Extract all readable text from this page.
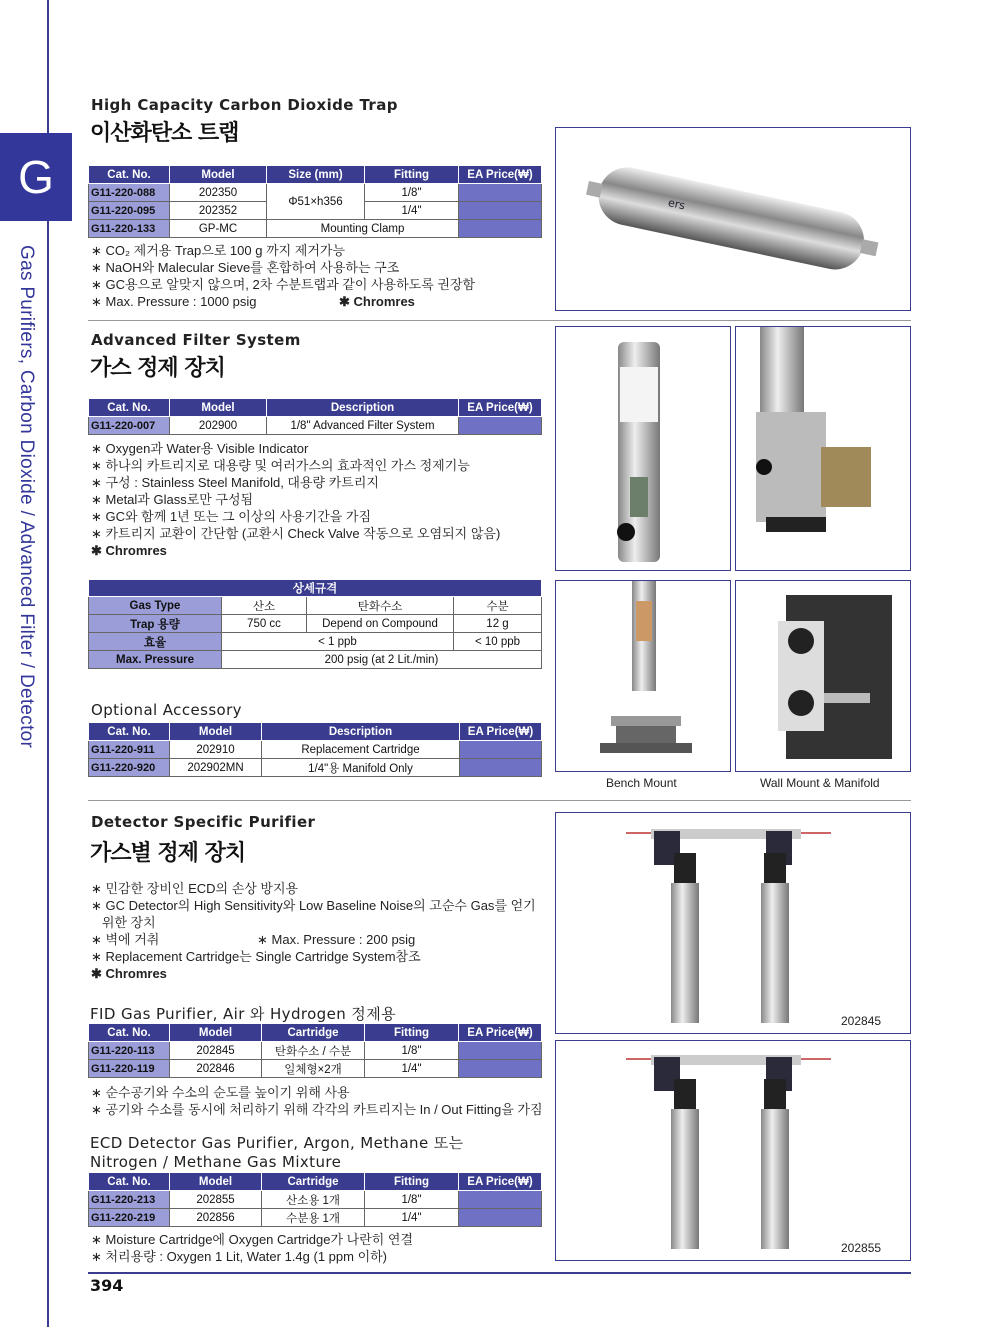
G
Gas Purifiers, Carbon Dioxide / Advanced Filter / Detector
High Capacity Carbon Dioxide Trap
이산화탄소 트랩
Cat. No.	Model	Size (mm)	Fitting	EA Price(₩)
G11-220-088	202350	Φ51×h356	1/8"	
G11-220-095	202352		1/4"	
G11-220-133	GP-MC	Mounting Clamp		
∗ CO₂ 제거용 Trap으로 100 g 까지 제거가능
∗ NaOH와 Malecular Sieve를 혼합하여 사용하는 구조
∗ GC용으로 알맞지 않으며, 2차 수분트랩과 같이 사용하도록 권장함
∗ Max. Pressure : 1000 psig	✱ Chromres
ers
Advanced Filter System
가스 정제 장치
Cat. No.	Model	Description	EA Price(₩)
G11-220-007	202900	1/8" Advanced Filter System	
∗ Oxygen과 Water용 Visible Indicator
∗ 하나의 카트리지로 대용량 및 여러가스의 효과적인 가스 정제기능
∗ 구성 : Stainless Steel Manifold, 대용량 카트리지
∗ Metal과 Glass로만 구성됨
∗ GC와 함께 1년 또는 그 이상의 사용기간을 가짐
∗ 카트리지 교환이 간단함 (교환시 Check Valve 작동으로 오염되지 않음)
✱ Chromres
상세규격			
Gas Type	산소	탄화수소	수분
Trap 용량	750 cc	Depend on Compound	12 g
효율	< 1 ppb		< 10 ppb
Max. Pressure	200 psig (at 2 Lit./min)		
Optional Accessory
Cat. No.	Model	Description	EA Price(₩)
G11-220-911	202910	Replacement Cartridge	
G11-220-920	202902MN	1/4"용 Manifold Only	
Bench Mount	Wall Mount & Manifold
Detector Specific Purifier
가스별 정제 장치
∗ 민감한 장비인 ECD의 손상 방지용
∗ GC Detector의 High Sensitivity와 Low Baseline Noise의 고순수 Gas를 얻기
위한 장치
∗ 벽에 거취
∗ Replacement Cartridge는 Single Cartridge System참조
✱ Chromres
∗ Max. Pressure : 200 psig
FID Gas Purifier, Air 와 Hydrogen 정제용
Cat. No.	Model	Cartridge	Fitting	EA Price(₩)
G11-220-113	202845	탄화수소 / 수분	1/8"	
G11-220-119	202846	일체형×2개	1/4"	
∗ 순수공기와 수소의 순도를 높이기 위해 사용
∗ 공기와 수소를 동시에 처리하기 위해 각각의 카트리지는 In / Out Fitting을 가짐
ECD Detector Gas Purifier, Argon, Methane 또는
Nitrogen / Methane Gas Mixture
Cat. No.	Model	Cartridge	Fitting	EA Price(₩)
G11-220-213	202855	산소용 1개	1/8"	
G11-220-219	202856	수분용 1개	1/4"	
∗ Moisture Cartridge에 Oxygen Cartridge가 나란히 연결
∗ 처리용량 : Oxygen 1 Lit, Water 1.4g (1 ppm 이하)
202845
202855
394
